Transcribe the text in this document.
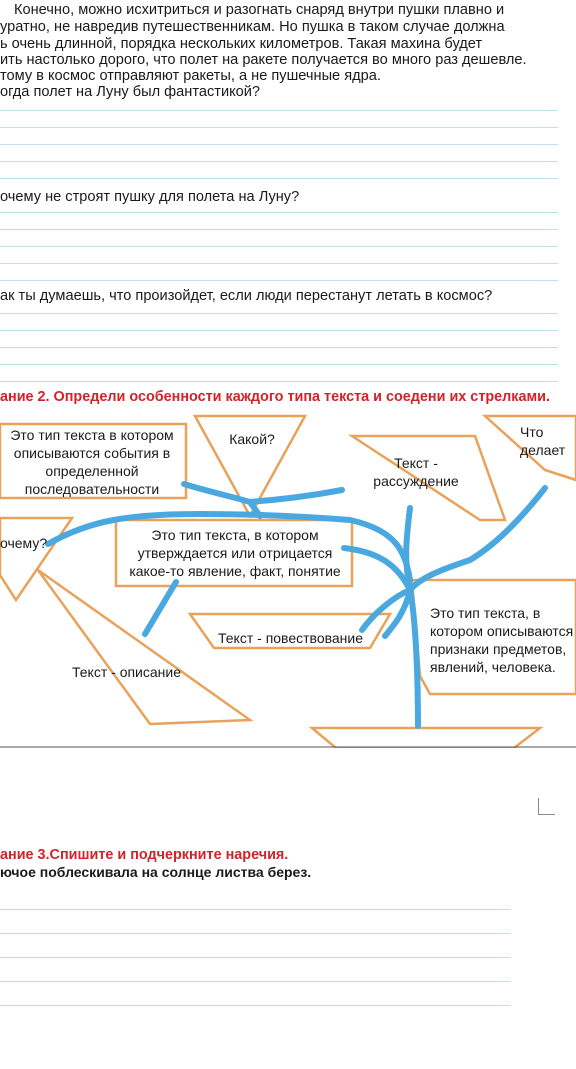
Конечно, можно исхитриться и разогнать снаряд внутри пушки плавно и
уратно, не навредив путешественникам. Но пушка в таком случае должна
ь очень длинной, порядка нескольких километров. Такая махина будет
ить настолько дорого, что полет на ракете получается во много раз дешевле.
тому в космос отправляют ракеты, а не пушечные ядра.
огда полет на Луну был фантастикой?
очему не строят пушку для полета на Луну?
ак ты думаешь, что произойдет, если люди перестанут летать в космос?
ание 2. Определи особенности каждого типа текста и соедени их стрелками.
Это тип текста в котором описываются события в определенной последовательности
Какой?
Текст - рассуждение
Что делает
очему?	Это тип текста, в котором утверждается или отрицается какое-то явление, факт, понятие
Текст - повествование
Это тип текста, в котором описываются признаки предметов, явлений, человека.
Текст - описание
ание 3.Спишите и подчеркните наречия.
ючое поблескивала на солнце листва берез.
